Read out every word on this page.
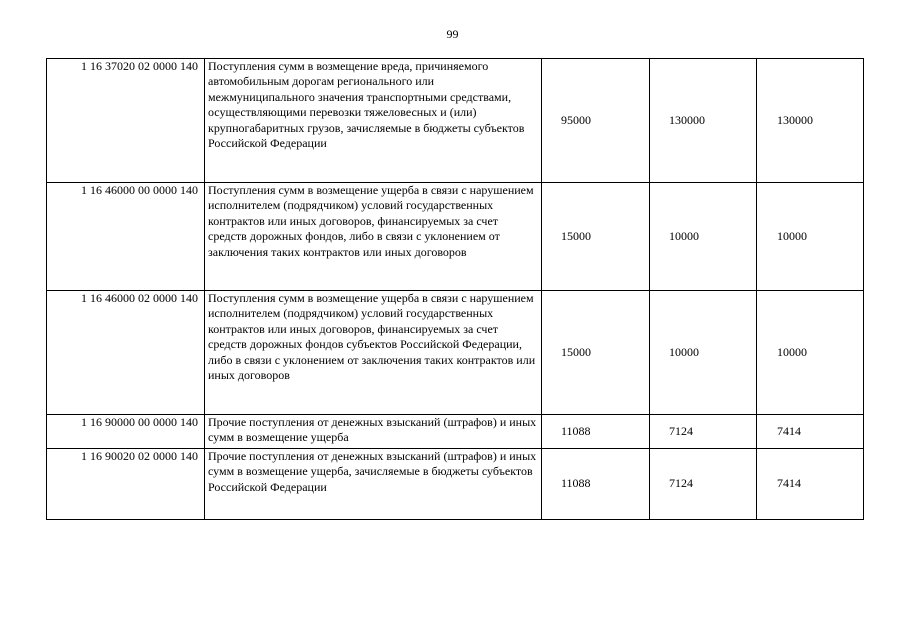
99
1 16 37020 02 0000 140	Поступления сумм в возмещение вреда, причиняемого автомобильным дорогам регионального или межмуниципального значения транспортными средствами, осуществляющими перевозки тяжеловесных и (или) крупногабаритных грузов, зачисляемые в бюджеты субъектов Российской Федерации	95000	130000	130000
1 16 46000 00 0000 140	Поступления сумм в возмещение ущерба в связи с нарушением исполнителем (подрядчиком) условий государственных контрактов или иных договоров, финансируемых за счет средств дорожных фондов, либо в связи с уклонением от заключения таких контрактов или иных договоров	15000	10000	10000
1 16 46000 02 0000 140	Поступления сумм в возмещение ущерба в связи с нарушением исполнителем (подрядчиком) условий государственных контрактов или иных договоров, финансируемых за счет средств дорожных фондов субъектов Российской Федерации, либо в связи с уклонением от заключения таких контрактов или иных договоров	15000	10000	10000
1 16 90000 00 0000 140	Прочие поступления от денежных взысканий (штрафов) и иных сумм в возмещение ущерба	11088	7124	7414
1 16 90020 02 0000 140	Прочие поступления от денежных взысканий (штрафов) и иных сумм в возмещение ущерба, зачисляемые в бюджеты субъектов Российской Федерации	11088	7124	7414
